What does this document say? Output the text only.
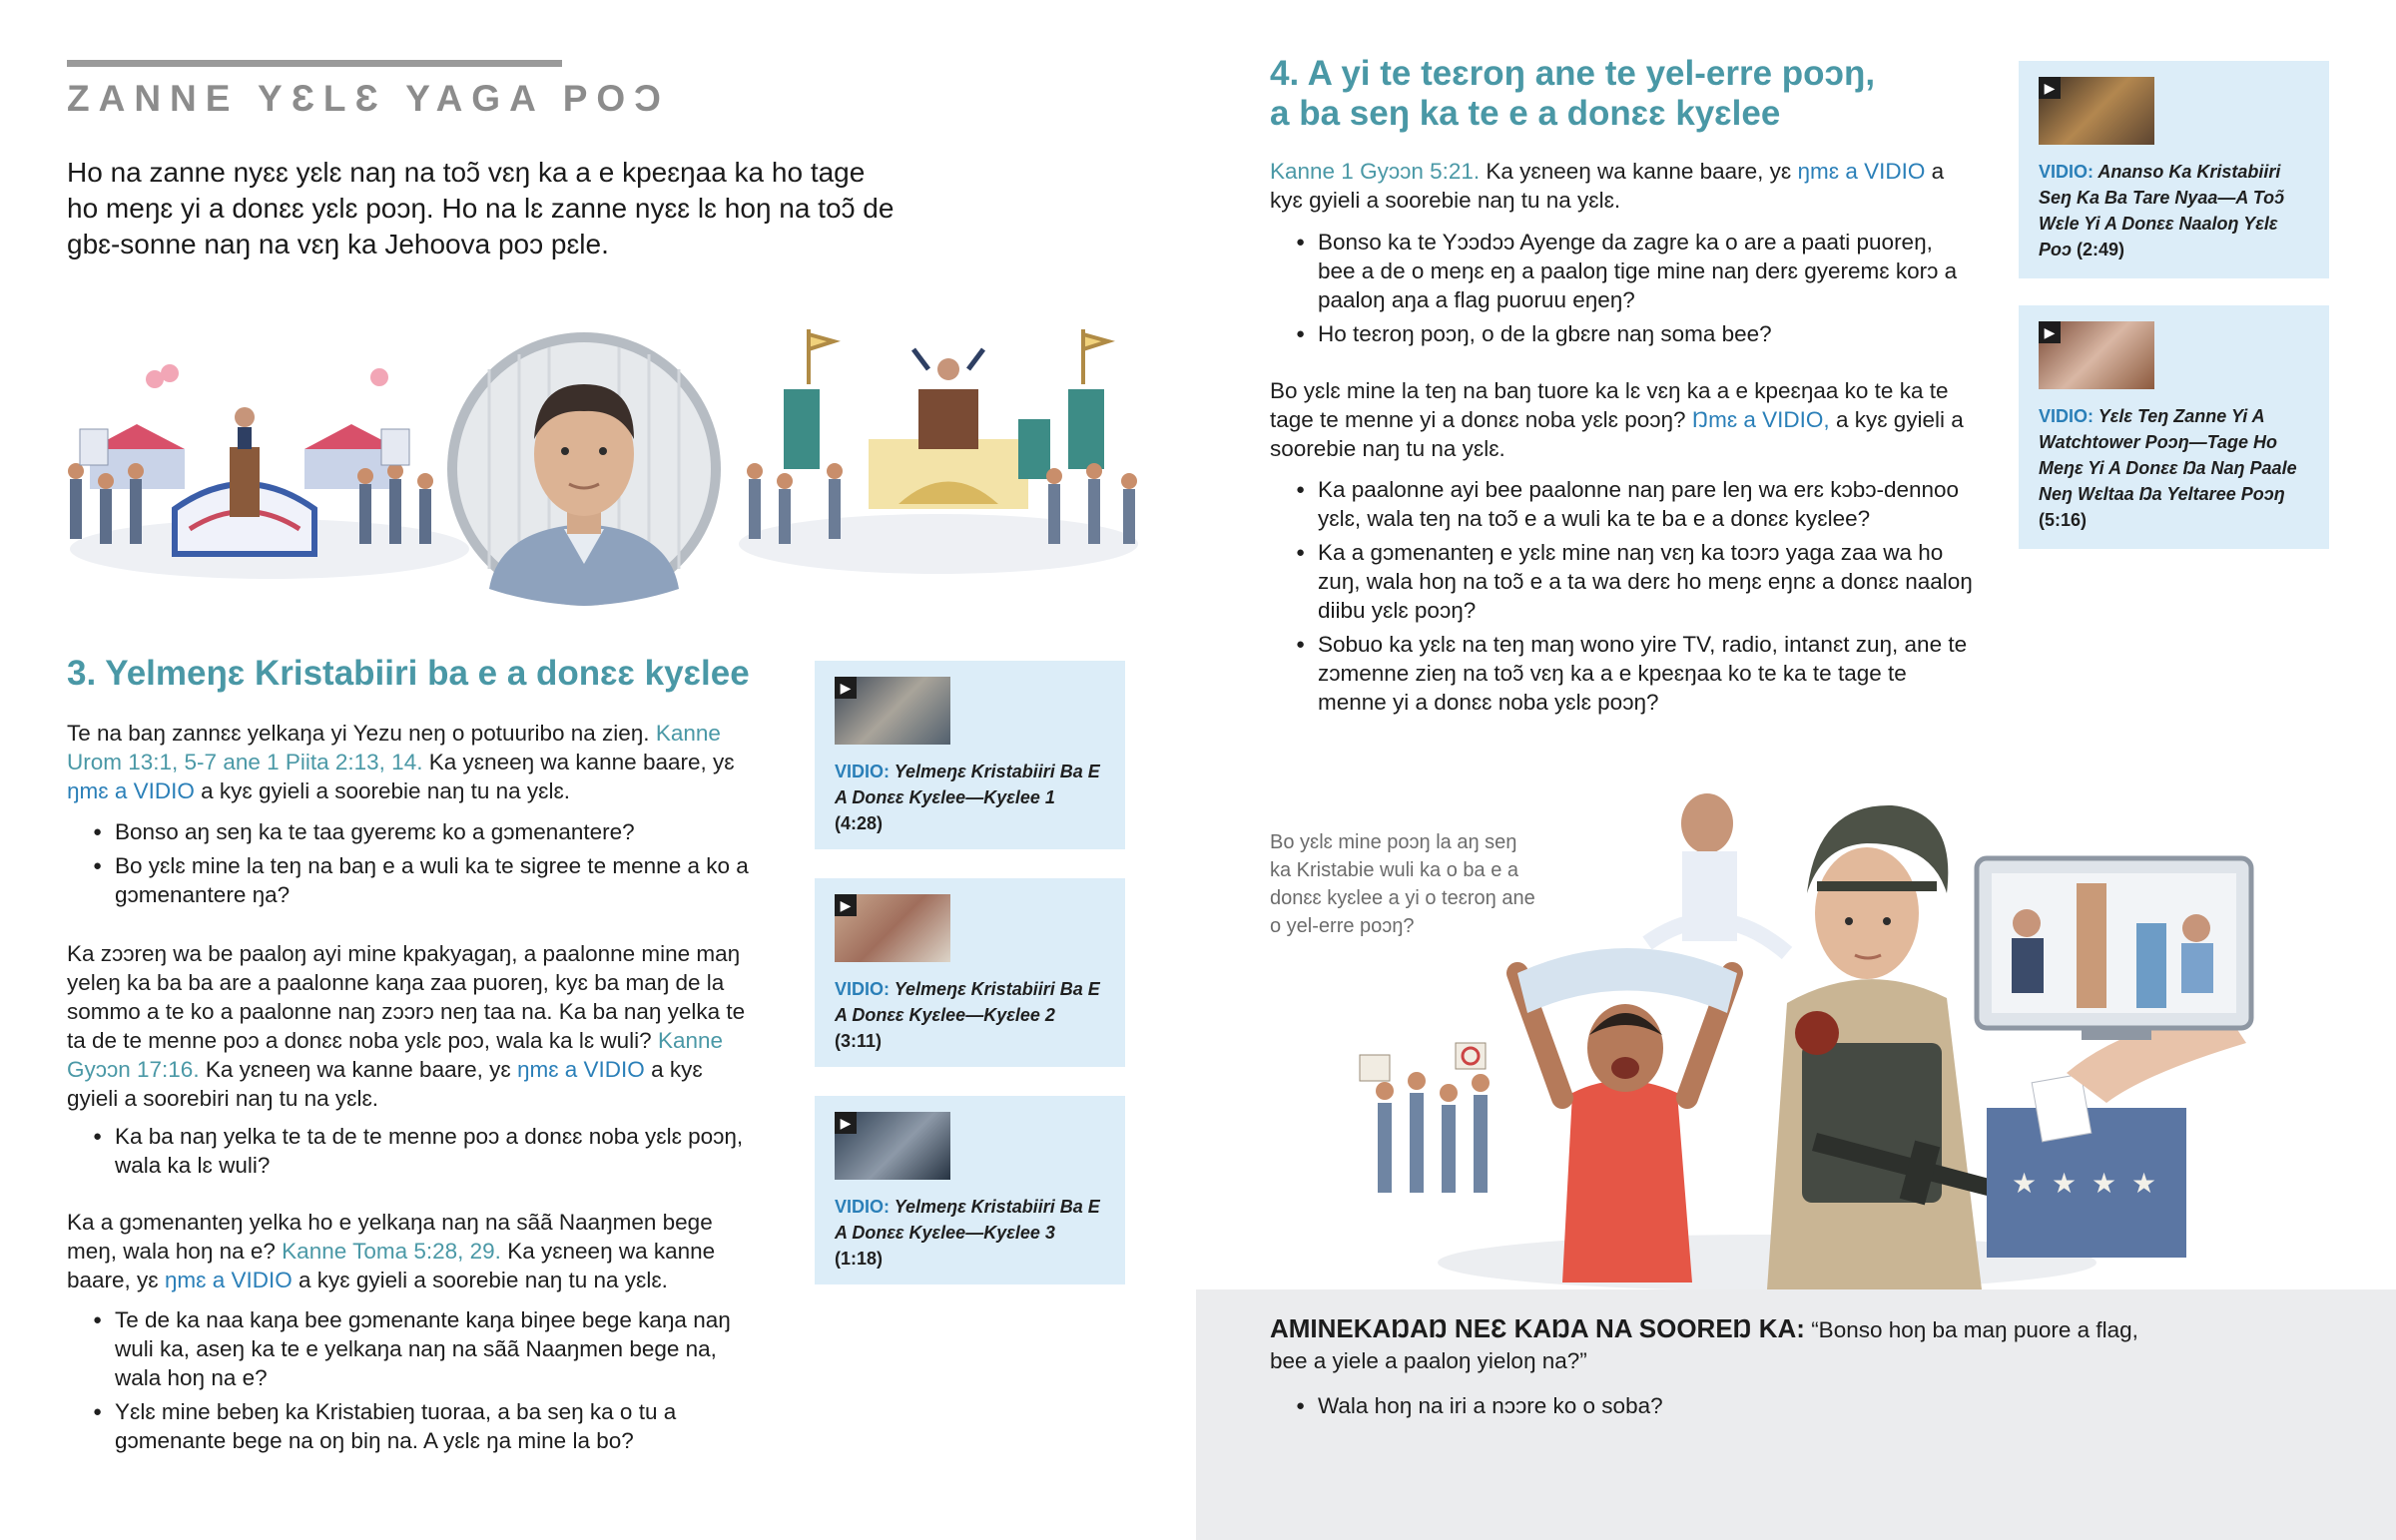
ZANNE YƐLƐ YAGA POƆ
Ho na zanne nyɛɛ yɛlɛ naŋ na toɔ̃ vɛŋ ka a e kpeɛŋaa ka ho tage ho meŋɛ yi a donɛɛ yɛlɛ poɔŋ. Ho na lɛ zanne nyɛɛ lɛ hoŋ na toɔ̃ de gbɛ-sonne naŋ na vɛŋ ka Jehoova poɔ pɛle.
3. Yelmeŋɛ Kristabiiri ba e a donɛɛ kyɛlee
Te na baŋ zannɛɛ yelkaŋa yi Yezu neŋ o potuuribo na zieŋ. Kanne Urom 13:1, 5-7 ane 1 Piita 2:13, 14. Ka yɛneeŋ wa kanne baare, yɛ ŋmɛ a VIDIO a kyɛ gyieli a soorebie naŋ tu na yɛlɛ.
● Bonso aŋ seŋ ka te taa gyeremɛ ko a gɔmenantere?
● Bo yɛlɛ mine la teŋ na baŋ e a wuli ka te sigree te menne a ko a gɔmenantere ŋa?
Ka zɔɔreŋ wa be paaloŋ ayi mine kpakyagaŋ, a paalonne mine maŋ yeleŋ ka ba ba are a paalonne kaŋa zaa puoreŋ, kyɛ ba maŋ de la sommo a te ko a paalonne naŋ zɔɔrɔ neŋ taa na. Ka ba naŋ yelka te ta de te menne poɔ a donɛɛ noba yɛlɛ poɔ, wala ka lɛ wuli? Kanne Gyɔɔn 17:16. Ka yɛneeŋ wa kanne baare, yɛ ŋmɛ a VIDIO a kyɛ gyieli a soorebiri naŋ tu na yɛlɛ.
● Ka ba naŋ yelka te ta de te menne poɔ a donɛɛ noba yɛlɛ poɔŋ, wala ka lɛ wuli?
Ka a gɔmenanteŋ yelka ho e yelkaŋa naŋ na sãã Naaŋmen bege meŋ, wala hoŋ na e? Kanne Toma 5:28, 29. Ka yɛneeŋ wa kanne baare, yɛ ŋmɛ a VIDIO a kyɛ gyieli a soorebie naŋ tu na yɛlɛ.
● Te de ka naa kaŋa bee gɔmenante kaŋa biŋee bege kaŋa naŋ wuli ka, aseŋ ka te e yelkaŋa naŋ na sãã Naaŋmen bege na, wala hoŋ na e?
● Yɛlɛ mine bebeŋ ka Kristabieŋ tuoraa, a ba seŋ ka o tu a gɔmenante bege na oŋ biŋ na. A yɛlɛ ŋa mine la bo?
▶
VIDIO: Yelmeŋɛ Kristabiiri Ba E A Donɛɛ Kyɛlee—Kyɛlee 1 (4:28)
▶
VIDIO: Yelmeŋɛ Kristabiiri Ba E A Donɛɛ Kyɛlee—Kyɛlee 2 (3:11)
▶
VIDIO: Yelmeŋɛ Kristabiiri Ba E A Donɛɛ Kyɛlee—Kyɛlee 3 (1:18)
4. A yi te teɛroŋ ane te yel-erre poɔŋ,
a ba seŋ ka te e a donɛɛ kyɛlee
Kanne 1 Gyɔɔn 5:21. Ka yɛneeŋ wa kanne baare, yɛ ŋmɛ a VIDIO a kyɛ gyieli a soorebie naŋ tu na yɛlɛ.
● Bonso ka te Yɔɔdɔɔ Ayenge da zagre ka o are a paati puoreŋ, bee a de o meŋɛ eŋ a paaloŋ tige mine naŋ derɛ gyeremɛ korɔ a paaloŋ aŋa a flag puoruu eŋeŋ?
● Ho teɛroŋ poɔŋ, o de la gbɛre naŋ soma bee?
Bo yɛlɛ mine la teŋ na baŋ tuore ka lɛ vɛŋ ka a e kpeɛŋaa ko te ka te tage te menne yi a donɛɛ noba yɛlɛ poɔŋ? Ŋmɛ a VIDIO, a kyɛ gyieli a soorebie naŋ tu na yɛlɛ.
● Ka paalonne ayi bee paalonne naŋ pare leŋ wa erɛ kɔbɔ-dennoo yɛlɛ, wala teŋ na toɔ̃ e a wuli ka te ba e a donɛɛ kyɛlee?
● Ka a gɔmenanteŋ e yɛlɛ mine naŋ vɛŋ ka toɔrɔ yaga zaa wa ho zuŋ, wala hoŋ na toɔ̃ e a ta wa derɛ ho meŋɛ eŋnɛ a donɛɛ naaloŋ diibu yɛlɛ poɔŋ?
● Sobuo ka yɛlɛ na teŋ maŋ wono yire TV, radio, intanɛt zuŋ, ane te zɔmenne zieŋ na toɔ̃ vɛŋ ka a e kpeɛŋaa ko te ka te tage te menne yi a donɛɛ noba yɛlɛ poɔŋ?
▶
VIDIO: Ananso Ka Kristabiiri Seŋ Ka Ba Tare Nyaa—A Toɔ̃ Wɛle Yi A Donɛɛ Naaloŋ Yɛlɛ Poɔ (2:49)
▶
VIDIO: Yɛlɛ Teŋ Zanne Yi A Watchtower Poɔŋ—Tage Ho Meŋɛ Yi A Donɛɛ Ŋa Naŋ Paale Neŋ Wɛltaa Ŋa Yeltaree Poɔŋ (5:16)
★ ★ ★ ★
Bo yɛlɛ mine poɔŋ la aŋ seŋ ka Kristabie wuli ka o ba e a donɛɛ kyɛlee a yi o teɛroŋ ane o yel-erre poɔŋ?
AMINEKAŊAŊ NEƐ KAŊA NA SOOREŊ KA: “Bonso hoŋ ba maŋ puore a flag, bee a yiele a paaloŋ yieloŋ na?”
● Wala hoŋ na iri a nɔɔre ko o soba?
